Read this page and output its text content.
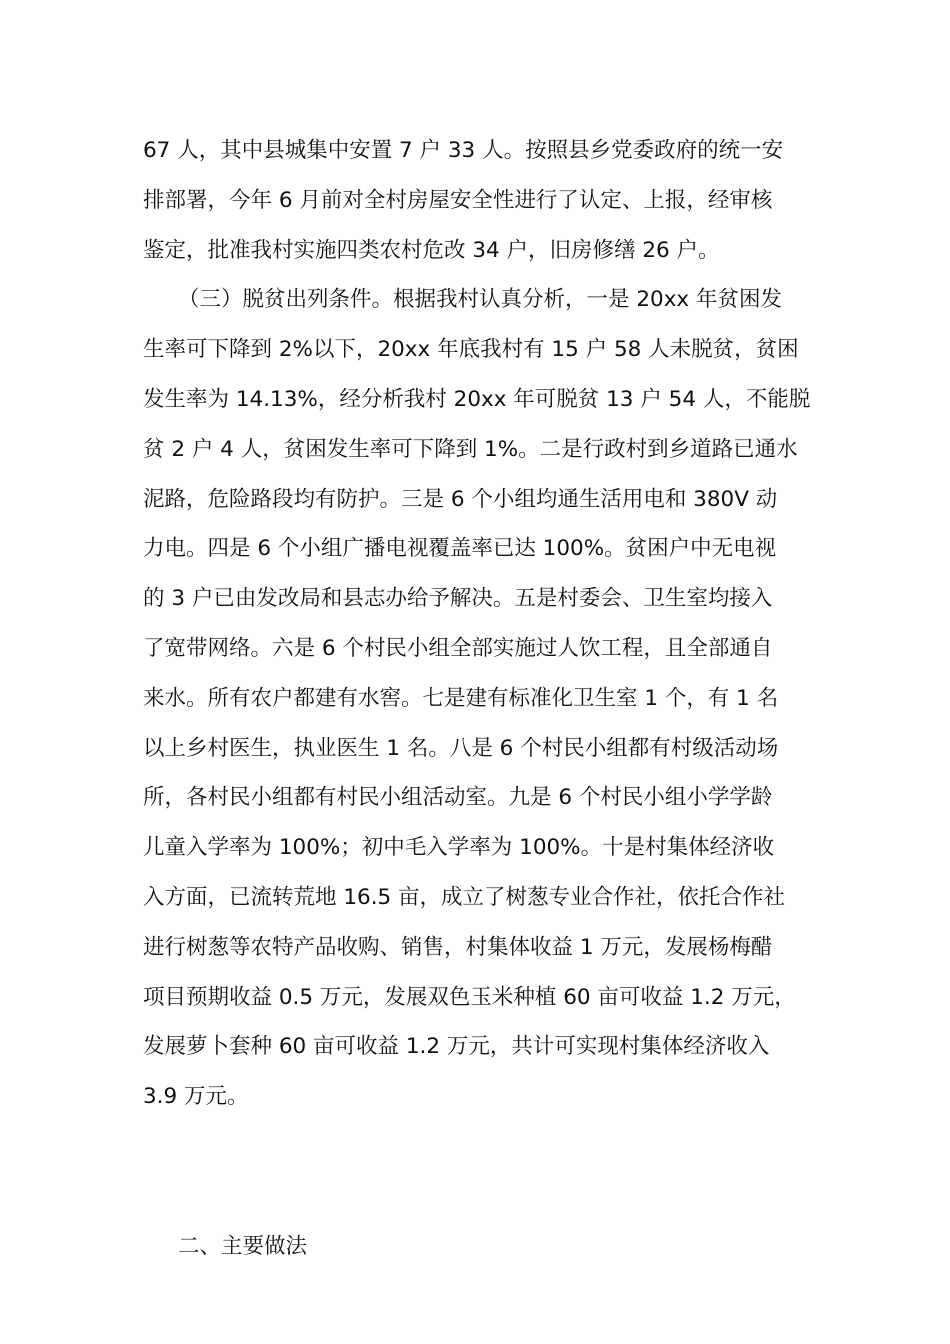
67 人，其中县城集中安置 7 户 33 人。按照县乡党委政府的统一安
排部署，今年 6 月前对全村房屋安全性进行了认定、上报，经审核
鉴定，批准我村实施四类农村危改 34 户，旧房修缮 26 户。
（三）脱贫出列条件。根据我村认真分析，一是 20xx 年贫困发
生率可下降到 2%以下，20xx 年底我村有 15 户 58 人未脱贫，贫困
发生率为 14.13%，经分析我村 20xx 年可脱贫 13 户 54 人，不能脱
贫 2 户 4 人，贫困发生率可下降到 1%。二是行政村到乡道路已通水
泥路，危险路段均有防护。三是 6 个小组均通生活用电和 380V 动
力电。四是 6 个小组广播电视覆盖率已达 100%。贫困户中无电视
的 3 户已由发改局和县志办给予解决。五是村委会、卫生室均接入
了宽带网络。六是 6 个村民小组全部实施过人饮工程，且全部通自
来水。所有农户都建有水窖。七是建有标准化卫生室 1 个，有 1 名
以上乡村医生，执业医生 1 名。八是 6 个村民小组都有村级活动场
所，各村民小组都有村民小组活动室。九是 6 个村民小组小学学龄
儿童入学率为 100%；初中毛入学率为 100%。十是村集体经济收
入方面，已流转荒地 16.5 亩，成立了树葱专业合作社，依托合作社
进行树葱等农特产品收购、销售，村集体收益 1 万元，发展杨梅醋
项目预期收益 0.5 万元，发展双色玉米种植 60 亩可收益 1.2 万元，
发展萝卜套种 60 亩可收益 1.2 万元，共计可实现村集体经济收入
3.9 万元。
二、主要做法
